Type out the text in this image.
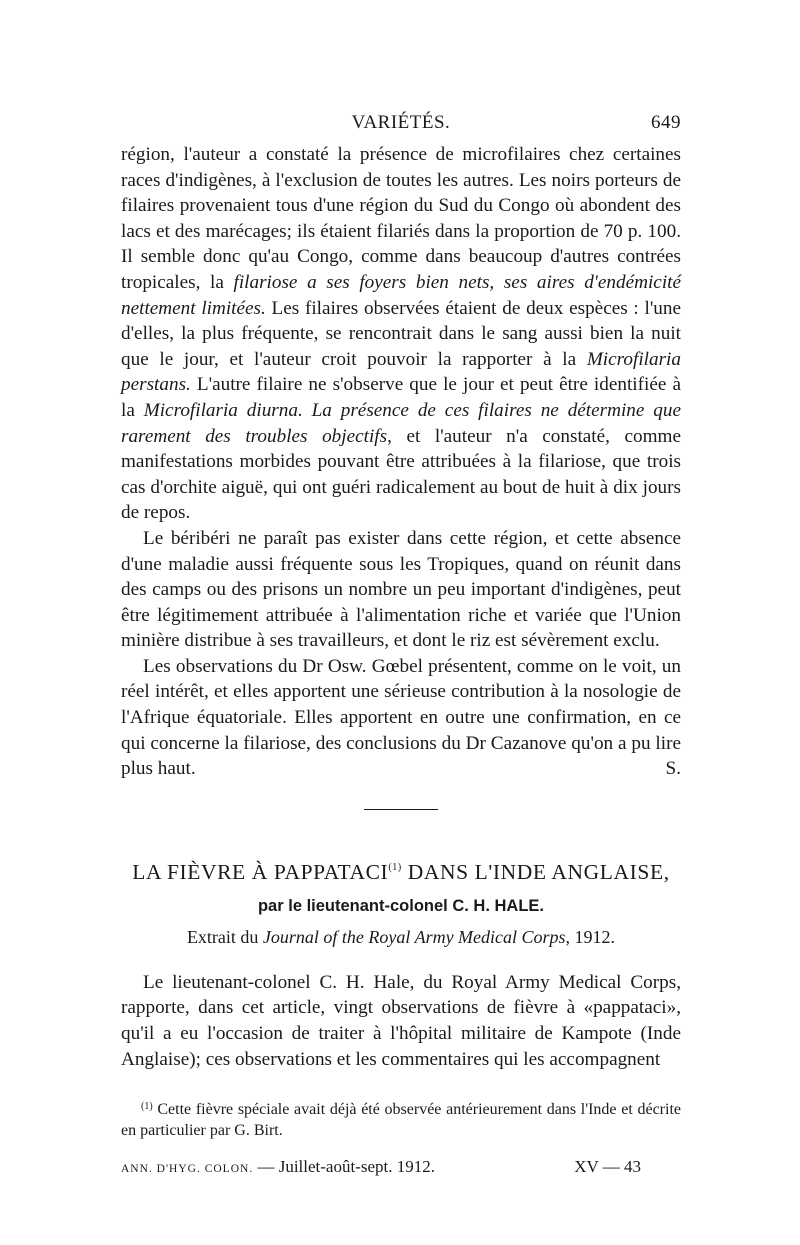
VARIÉTÉS.	649

région, l'auteur a constaté la présence de microfilaires chez certaines races d'indigènes, à l'exclusion de toutes les autres. Les noirs porteurs de filaires provenaient tous d'une région du Sud du Congo où abondent des lacs et des marécages; ils étaient filariés dans la proportion de 70 p. 100. Il semble donc qu'au Congo, comme dans beaucoup d'autres contrées tropicales, la filariose a ses foyers bien nets, ses aires d'endémicité nettement limitées. Les filaires observées étaient de deux espèces : l'une d'elles, la plus fréquente, se rencontrait dans le sang aussi bien la nuit que le jour, et l'auteur croit pouvoir la rapporter à la Microfilaria perstans. L'autre filaire ne s'observe que le jour et peut être identifiée à la Microfilaria diurna. La présence de ces filaires ne détermine que rarement des troubles objectifs, et l'auteur n'a constaté, comme manifestations morbides pouvant être attribuées à la filariose, que trois cas d'orchite aiguë, qui ont guéri radicalement au bout de huit à dix jours de repos.

Le béribéri ne paraît pas exister dans cette région, et cette absence d'une maladie aussi fréquente sous les Tropiques, quand on réunit dans des camps ou des prisons un nombre un peu important d'indigènes, peut être légitimement attribuée à l'alimentation riche et variée que l'Union minière distribue à ses travailleurs, et dont le riz est sévèrement exclu.

Les observations du Dr Osw. Gœbel présentent, comme on le voit, un réel intérêt, et elles apportent une sérieuse contribution à la nosologie de l'Afrique équatoriale. Elles apportent en outre une confirmation, en ce qui concerne la filariose, des conclusions du Dr Cazanove qu'on a pu lire plus haut.	S.

LA FIÈVRE À PAPPATACI$^{(1)}$ DANS L'INDE ANGLAISE,
par le lieutenant-colonel C. H. HALE.
Extrait du Journal of the Royal Army Medical Corps, 1912.

Le lieutenant-colonel C. H. Hale, du Royal Army Medical Corps, rapporte, dans cet article, vingt observations de fièvre à «pappataci», qu'il a eu l'occasion de traiter à l'hôpital militaire de Kampote (Inde Anglaise); ces observations et les commentaires qui les accompagnent

$^{(1)}$ Cette fièvre spéciale avait déjà été observée antérieurement dans l'Inde et décrite en particulier par G. Birt.
ANN. D'HYG. COLON. — Juillet-août-sept. 1912.	XV — 43
